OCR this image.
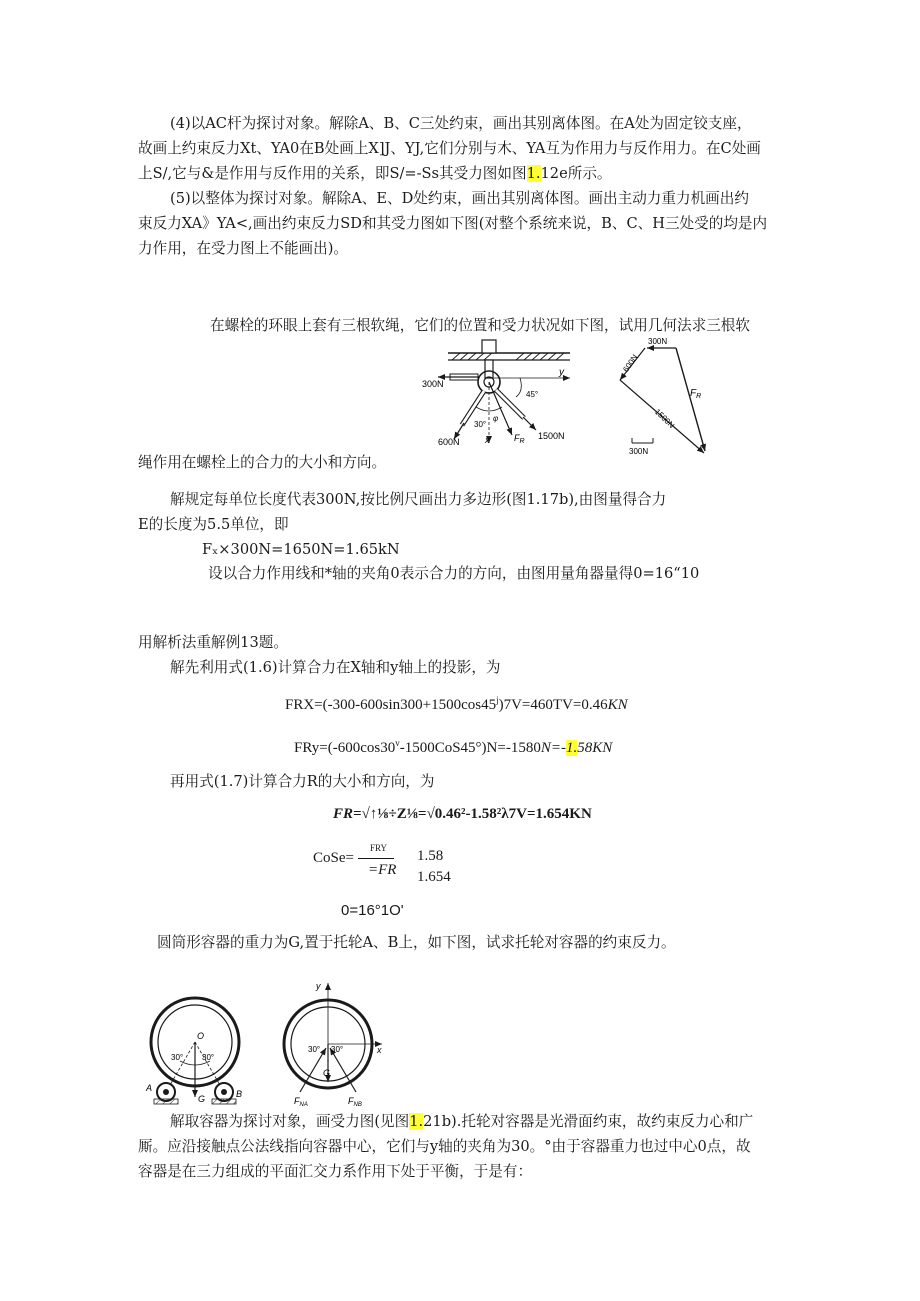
(4)以AC杆为探讨对象。解除A、B、C三处约束，画出其别离体图。在A处为固定铰支座，
故画上约束反力Xt、YA0在B处画上X]J、YJ,它们分别与木、YA互为作用力与反作用力。在C处画
上S/,它与&是作用与反作用的关系，即S/=-Ss其受力图如图1.12e所示。
(5)以整体为探讨对象。解除A、E、D处约束，画出其别离体图。画出主动力重力机画出约
束反力XA》YA<,画出约束反力SD和其受力图如下图(对整个系统来说，B、C、H三处受的均是内
力作用，在受力图上不能画出)。
在螺栓的环眼上套有三根软绳，它们的位置和受力状况如下图，试用几何法求三根软
y
x
300N
600N
1500N
$F_R$
30°
φ
45°
300N
600N
$F_R$
1500N
300N
绳作用在螺栓上的合力的大小和方向。
解规定每单位长度代表300N,按比例尺画出力多边形(图1.17b),由图量得合力
E的长度为5.5单位，即
Fₓ×300N=1650N=1.65kN
设以合力作用线和*轴的夹角0表示合力的方向，由图用量角器量得0=16“10
用解析法重解例13题。
解先利用式(1.6)计算合力在X轴和y轴上的投影，为
$FRX=(-300-600\sin 300+1500\cos 45^j)7V=460TV=0.46KN$
$FRy=(-600\cos 30^v-1500CoS45^\circ)N=-1580N=-1.58KN$
再用式(1.7)计算合力R的大小和方向，为
FR=√↑⅛÷Z⅛=√0.46²-1.58²λ7V=1.654KN
CoSe=
FRY
=FR
1.58
1.654
0=16°1O'
圆筒形容器的重力为G,置于托轮A、B上，如下图，试求托轮对容器的约束反力。
O
30° 30°
A
B
G
y
x
30° 30°
G
$F_{NA}$	$F_{NB}$
解取容器为探讨对象，画受力图(见图1.21b).托轮对容器是光滑面约束，故约束反力心和广
厮。应沿接触点公法线指向容器中心，它们与y轴的夹角为30。°由于容器重力也过中心0点，故
容器是在三力组成的平面汇交力系作用下处于平衡，于是有：
